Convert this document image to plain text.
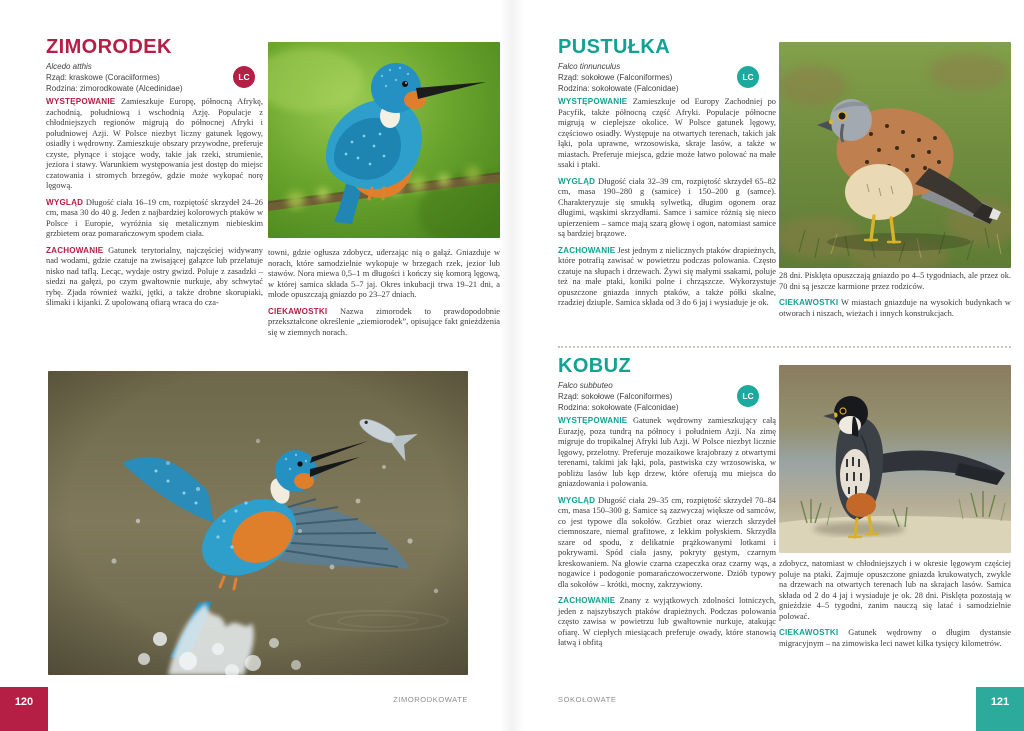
ZIMORODEK
Alcedo atthis
Rząd: kraskowe (Coraciiformes)
Rodzina: zimorodkowate (Alcedinidae)
LC

WYSTĘPOWANIE Zamieszkuje Europę, północną Afrykę, zachodnią, południową i wschodnią Azję. Populacje z chłodniejszych regionów migrują do północnej Afryki i południowej Azji. W Polsce niezbyt liczny gatunek lęgowy, osiadły i wędrowny. Zamieszkuje obszary przywodne, preferuje czyste, płynące i stojące wody, takie jak rzeki, strumienie, jeziora i stawy. Warunkiem występowania jest dostęp do miejsc czatowania i stromych brzegów, gdzie może wykopać norę lęgową.

WYGLĄD Długość ciała 16–19 cm, rozpiętość skrzydeł 24–26 cm, masa 30 do 40 g. Jeden z najbardziej kolorowych ptaków w Polsce i Europie, wyróżnia się metalicznym niebieskim grzbietem oraz pomarańczowym spodem ciała.

ZACHOWANIE Gatunek terytorialny, najczęściej widywany nad wodami, gdzie czatuje na zwisającej gałązce lub przelatuje nisko nad taflą. Lecąc, wydaje ostry gwizd. Poluje z zasadzki – siedzi na gałęzi, po czym gwałtownie nurkuje, aby schwytać rybę. Zjada również ważki, jętki, a także drobne skorupiaki, ślimaki i kijanki. Z upolowaną ofiarą wraca do cza-

towni, gdzie ogłusza zdobycz, uderzając nią o gałąź. Gniazduje w norach, które samodzielnie wykopuje w brzegach rzek, jezior lub stawów. Nora miewa 0,5–1 m długości i kończy się komorą lęgową, w której samica składa 5–7 jaj. Okres inkubacji trwa 19–21 dni, a młode opuszczają gniazdo po 23–27 dniach.

CIEKAWOSTKI Nazwa zimorodek to prawdopodobnie przekształcone określenie „ziemiorodek”, opisujące fakt gnieżdżenia się w ziemnych norach.

120	ZIMORODKOWATE
PUSTUŁKA
Falco tinnunculus
Rząd: sokołowe (Falconiformes)
Rodzina: sokołowate (Falconidae)
LC

WYSTĘPOWANIE Zamieszkuje od Europy Zachodniej po Pacyfik, także północną część Afryki. Populacje północne migrują w cieplejsze okolice. W Polsce gatunek lęgowy, częściowo osiadły. Występuje na otwartych terenach, takich jak łąki, pola uprawne, wrzosowiska, skraje lasów, a także w miastach. Preferuje miejsca, gdzie może łatwo polować na małe ssaki i ptaki.

WYGLĄD Długość ciała 32–39 cm, rozpiętość skrzydeł 65–82 cm, masa 190–280 g (samice) i 150–200 g (samce). Charakteryzuje się smukłą sylwetką, długim ogonem oraz długimi, wąskimi skrzydłami. Samce i samice różnią się nieco upierzeniem – samce mają szarą głowę i ogon, natomiast samice są bardziej brązowe.

ZACHOWANIE Jest jednym z nielicznych ptaków drapieżnych, które potrafią zawisać w powietrzu podczas polowania. Często czatuje na słupach i drzewach. Żywi się małymi ssakami, poluje też na małe ptaki, koniki polne i chrząszcze. Wykorzystuje opuszczone gniazda innych ptaków, a także półki skalne, rzadziej dziuple. Samica składa od 3 do 6 jaj i wysiaduje je ok.

28 dni. Pisklęta opuszczają gniazdo po 4–5 tygodniach, ale przez ok. 70 dni są jeszcze karmione przez rodziców.

CIEKAWOSTKI W miastach gniazduje na wysokich budynkach w otworach i niszach, wieżach i innych konstrukcjach.

KOBUZ
Falco subbuteo
Rząd: sokołowe (Falconiformes)
Rodzina: sokołowate (Falconidae)
LC

WYSTĘPOWANIE Gatunek wędrowny zamieszkujący całą Eurazję, poza tundrą na północy i południem Azji. Na zimę migruje do tropikalnej Afryki lub Azji. W Polsce niezbyt licznie lęgowy, przelotny. Preferuje mozaikowe krajobrazy z otwartymi terenami, takimi jak łąki, pola, pastwiska czy wrzosowiska, w pobliżu lasów lub kęp drzew, które oferują mu miejsca do gniazdowania i polowania.

WYGLĄD Długość ciała 29–35 cm, rozpiętość skrzydeł 70–84 cm, masa 150–300 g. Samice są zazwyczaj większe od samców, co jest typowe dla sokołów. Grzbiet oraz wierzch skrzydeł ciemnoszare, niemal grafitowe, z lekkim połyskiem. Skrzydła szare od spodu, z delikatnie prążkowanymi lotkami i pokrywami. Spód ciała jasny, pokryty gęstym, czarnym kreskowaniem. Na głowie czarna czapeczka oraz czarny wąs, a nogawice i podogonie pomarańczowoczerwone. Dziób typowy dla sokołów – krótki, mocny, zakrzywiony.

ZACHOWANIE Znany z wyjątkowych zdolności lotniczych, jeden z najszybszych ptaków drapieżnych. Podczas polowania często zawisa w powietrzu lub gwałtownie nurkuje, atakując ofiarę. W ciepłych miesiącach preferuje owady, które stanowią łatwą i obfitą

zdobycz, natomiast w chłodniejszych i w okresie lęgowym częściej poluje na ptaki. Zajmuje opuszczone gniazda krukowatych, zwykle na drzewach na otwartych terenach lub na skrajach lasów. Samica składa od 2 do 4 jaj i wysiaduje je ok. 28 dni. Pisklęta pozostają w gnieździe 4–5 tygodni, zanim nauczą się latać i samodzielnie polować.

CIEKAWOSTKI Gatunek wędrowny o długim dystansie migracyjnym – na zimowiska leci nawet kilka tysięcy kilometrów.

SOKOŁOWATE	121
